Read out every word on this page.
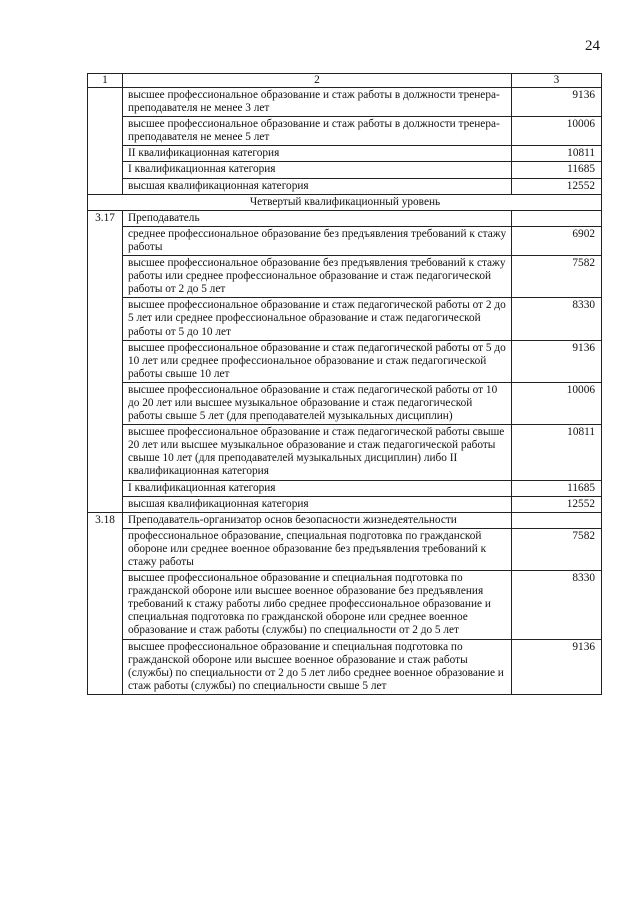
24
1	2	3
	высшее профессиональное образование и стаж работы в должности тренера-преподавателя не менее 3 лет	9136
	высшее профессиональное образование и стаж работы в должности тренера-преподавателя не менее 5 лет	10006
	II квалификационная категория	10811
	I квалификационная категория	11685
	высшая квалификационная категория	12552
Четвертый квалификационный уровень		
3.17	Преподаватель	
	среднее профессиональное образование без предъявления требований к стажу работы	6902
	высшее профессиональное образование без предъявления требований к стажу работы или среднее профессиональное образование и стаж педагогической работы от 2 до 5 лет	7582
	высшее профессиональное образование и стаж педагогической работы от 2 до 5 лет или среднее профессиональное образование и стаж педагогической работы от 5 до 10 лет	8330
	высшее профессиональное образование и стаж педагогической работы от 5 до 10 лет или среднее профессиональное образование и стаж педагогической работы свыше 10 лет	9136
	высшее профессиональное образование и стаж педагогической работы от 10 до 20 лет или высшее музыкальное образование и стаж педагогической работы свыше 5 лет (для преподавателей музыкальных дисциплин)	10006
	высшее профессиональное образование и стаж педагогической работы свыше 20 лет или высшее музыкальное образование и стаж педагогической работы свыше 10 лет (для преподавателей музыкальных дисциплин) либо II квалификационная категория	10811
	I квалификационная категория	11685
	высшая квалификационная категория	12552
3.18	Преподаватель-организатор основ безопасности жизнедеятельности	
	профессиональное образование, специальная подготовка по гражданской обороне или среднее военное образование без предъявления требований к стажу работы	7582
	высшее профессиональное образование и специальная подготовка по гражданской обороне или высшее военное образование без предъявления требований к стажу работы либо среднее профессиональное образование и специальная подготовка по гражданской обороне или среднее военное образование и стаж работы (службы) по специальности от 2 до 5 лет	8330
	высшее профессиональное образование и специальная подготовка по гражданской обороне или высшее военное образование и стаж работы (службы) по специальности от 2 до 5 лет либо среднее военное образование и стаж работы (службы) по специальности свыше 5 лет	9136
